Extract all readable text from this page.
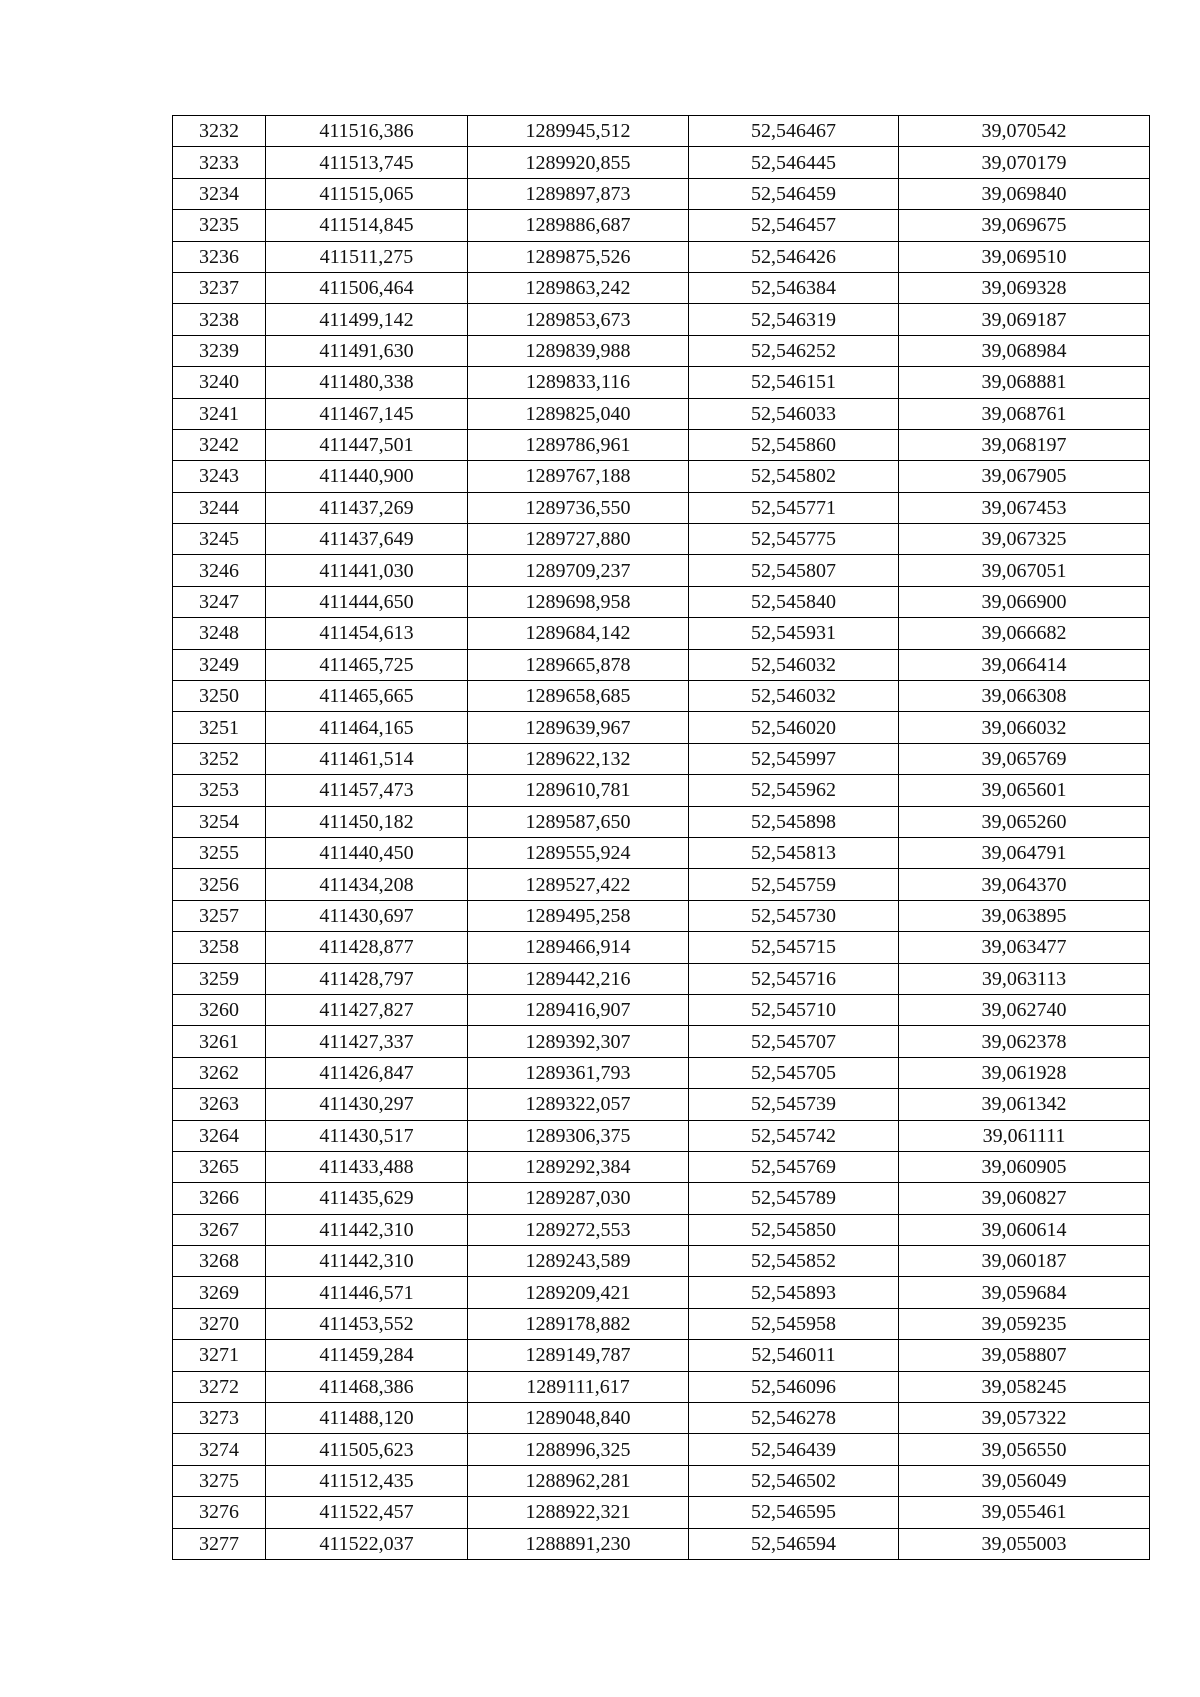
3232	411516,386	1289945,512	52,546467	39,070542
3233	411513,745	1289920,855	52,546445	39,070179
3234	411515,065	1289897,873	52,546459	39,069840
3235	411514,845	1289886,687	52,546457	39,069675
3236	411511,275	1289875,526	52,546426	39,069510
3237	411506,464	1289863,242	52,546384	39,069328
3238	411499,142	1289853,673	52,546319	39,069187
3239	411491,630	1289839,988	52,546252	39,068984
3240	411480,338	1289833,116	52,546151	39,068881
3241	411467,145	1289825,040	52,546033	39,068761
3242	411447,501	1289786,961	52,545860	39,068197
3243	411440,900	1289767,188	52,545802	39,067905
3244	411437,269	1289736,550	52,545771	39,067453
3245	411437,649	1289727,880	52,545775	39,067325
3246	411441,030	1289709,237	52,545807	39,067051
3247	411444,650	1289698,958	52,545840	39,066900
3248	411454,613	1289684,142	52,545931	39,066682
3249	411465,725	1289665,878	52,546032	39,066414
3250	411465,665	1289658,685	52,546032	39,066308
3251	411464,165	1289639,967	52,546020	39,066032
3252	411461,514	1289622,132	52,545997	39,065769
3253	411457,473	1289610,781	52,545962	39,065601
3254	411450,182	1289587,650	52,545898	39,065260
3255	411440,450	1289555,924	52,545813	39,064791
3256	411434,208	1289527,422	52,545759	39,064370
3257	411430,697	1289495,258	52,545730	39,063895
3258	411428,877	1289466,914	52,545715	39,063477
3259	411428,797	1289442,216	52,545716	39,063113
3260	411427,827	1289416,907	52,545710	39,062740
3261	411427,337	1289392,307	52,545707	39,062378
3262	411426,847	1289361,793	52,545705	39,061928
3263	411430,297	1289322,057	52,545739	39,061342
3264	411430,517	1289306,375	52,545742	39,061111
3265	411433,488	1289292,384	52,545769	39,060905
3266	411435,629	1289287,030	52,545789	39,060827
3267	411442,310	1289272,553	52,545850	39,060614
3268	411442,310	1289243,589	52,545852	39,060187
3269	411446,571	1289209,421	52,545893	39,059684
3270	411453,552	1289178,882	52,545958	39,059235
3271	411459,284	1289149,787	52,546011	39,058807
3272	411468,386	1289111,617	52,546096	39,058245
3273	411488,120	1289048,840	52,546278	39,057322
3274	411505,623	1288996,325	52,546439	39,056550
3275	411512,435	1288962,281	52,546502	39,056049
3276	411522,457	1288922,321	52,546595	39,055461
3277	411522,037	1288891,230	52,546594	39,055003
